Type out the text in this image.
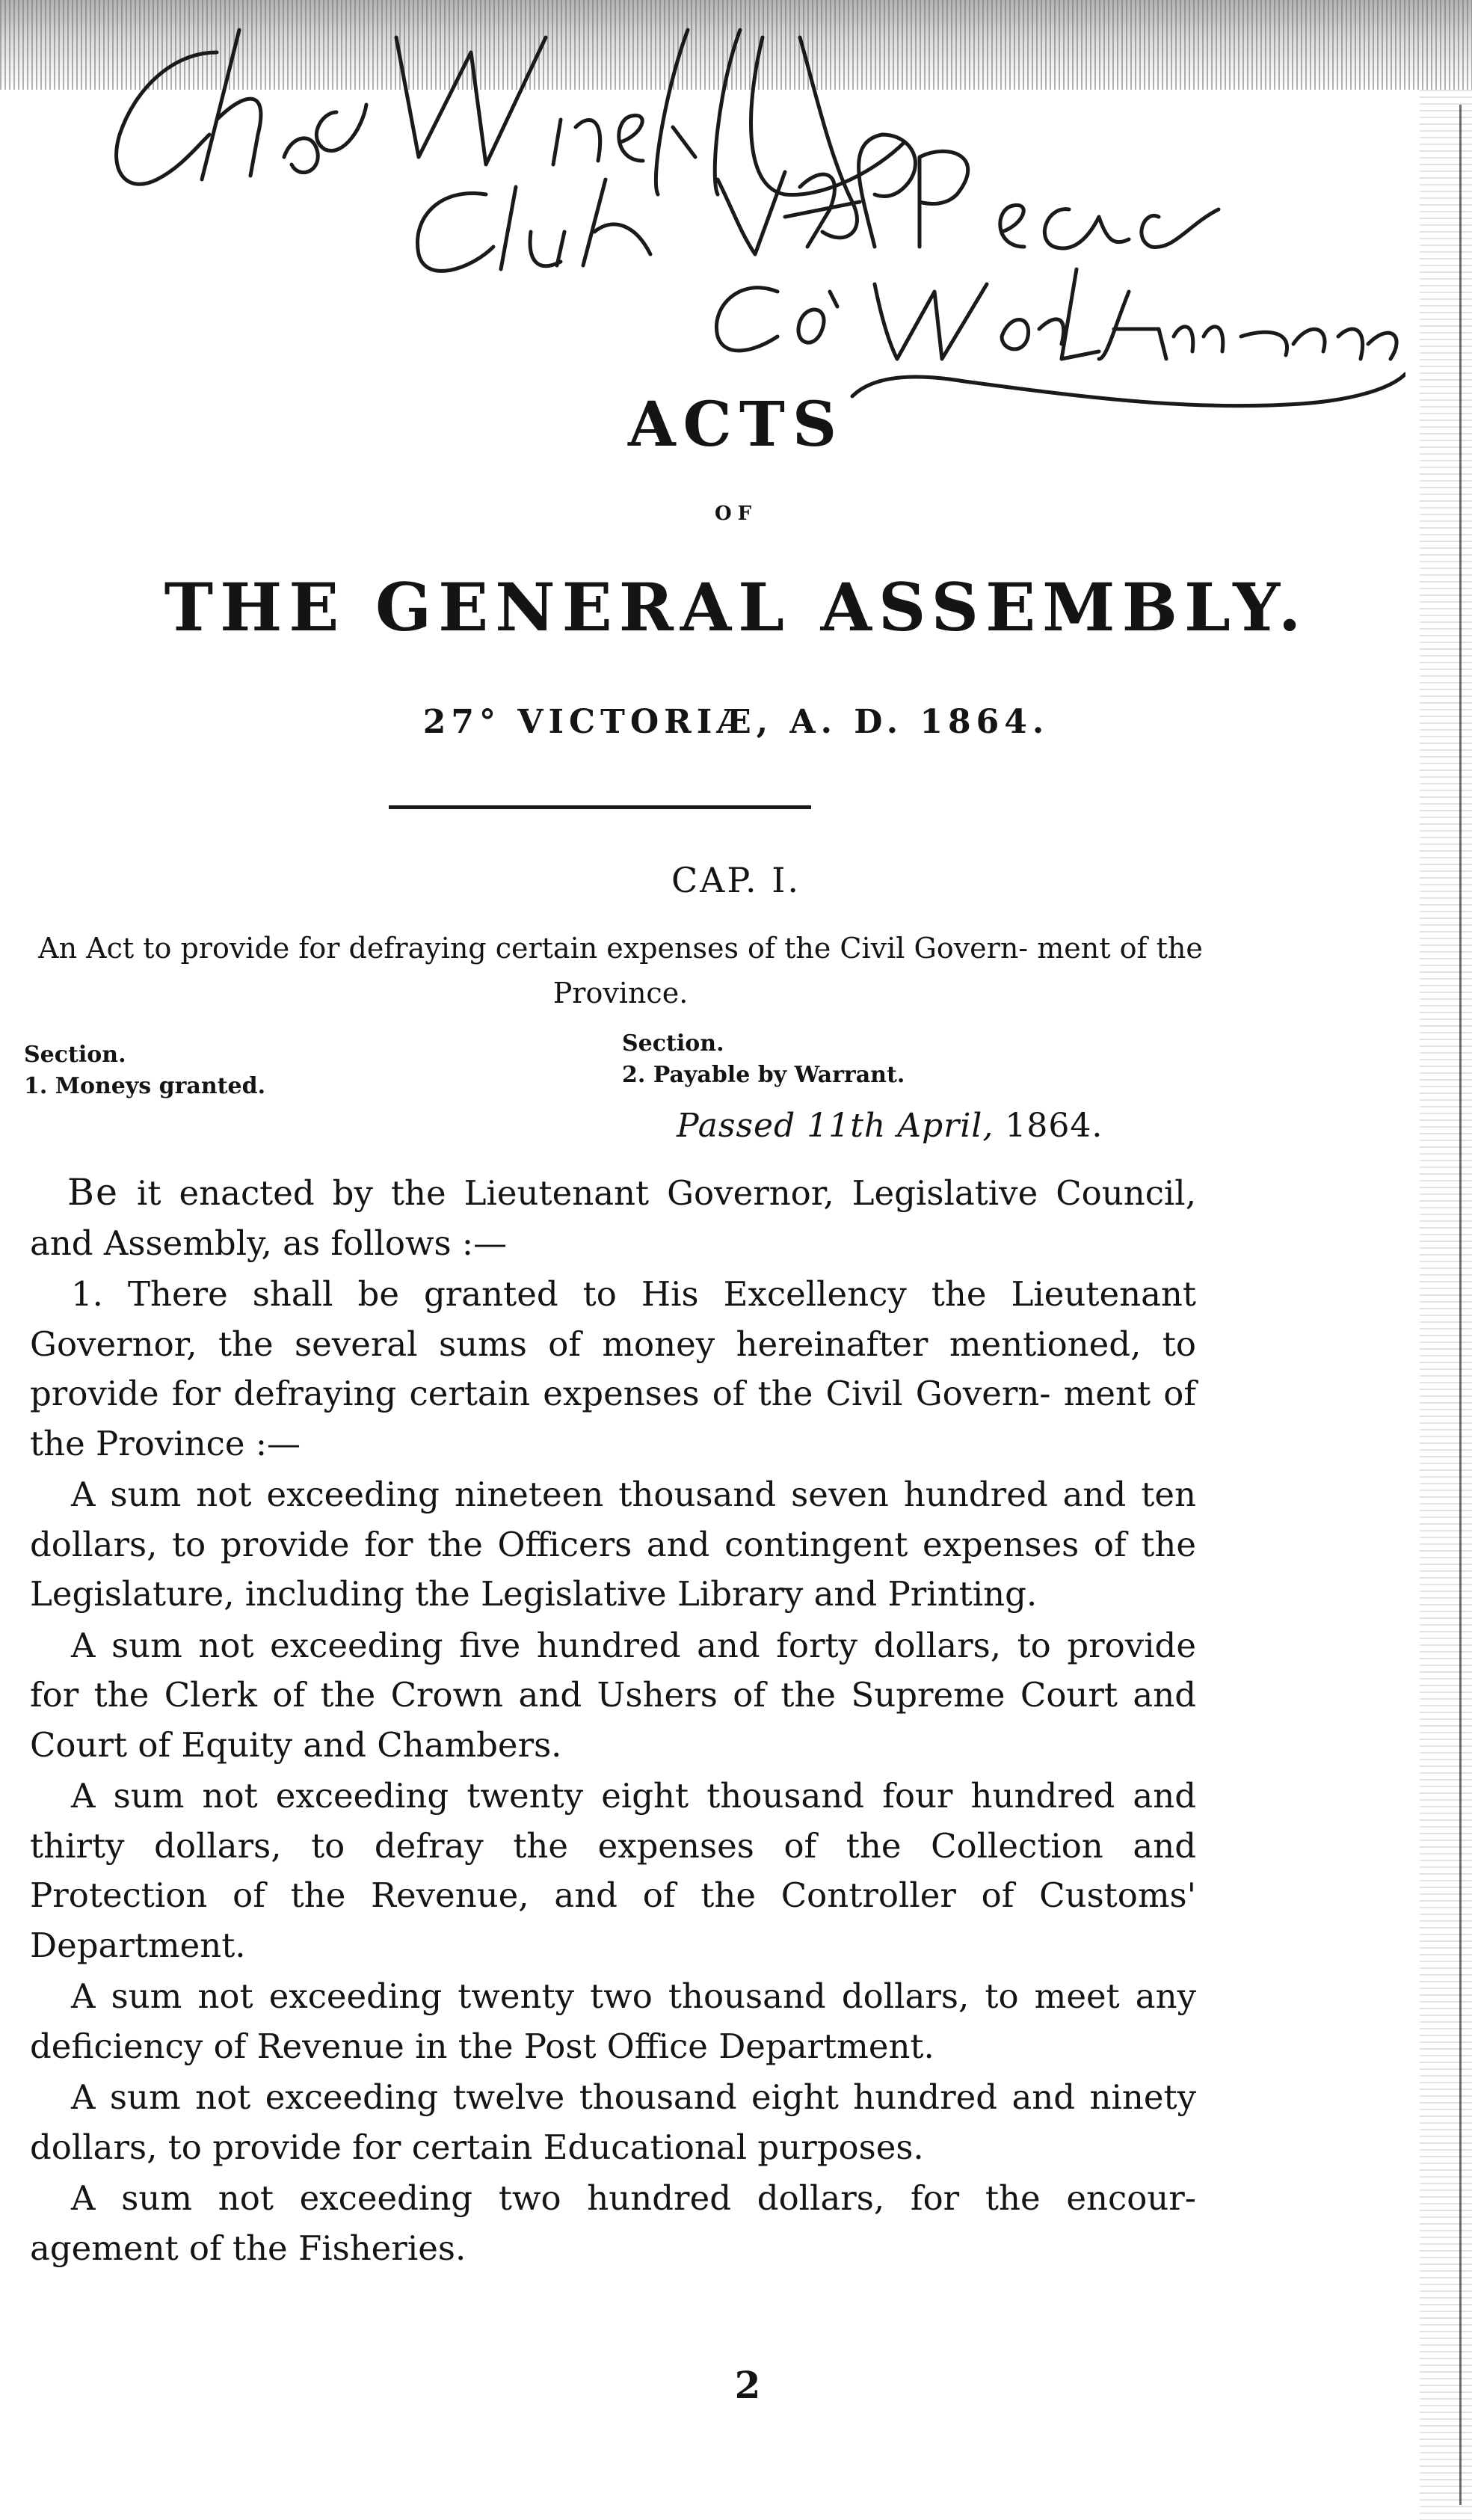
ACTS
OF
THE GENERAL ASSEMBLY.
27° VICTORIÆ, A. D. 1864.
CAP. I.
An Act to provide for defraying certain expenses of the Civil Govern- ment of the Province.
Section.
1. Moneys granted.
Section.
2. Payable by Warrant.
Passed 11th April, 1864.

Be it enacted by the Lieutenant Governor, Legislative Council, and Assembly, as follows :—

1. There shall be granted to His Excellency the Lieutenant Governor, the several sums of money hereinafter mentioned, to provide for defraying certain expenses of the Civil Govern- ment of the Province :—

A sum not exceeding nineteen thousand seven hundred and ten dollars, to provide for the Officers and contingent expenses of the Legislature, including the Legislative Library and Printing.

A sum not exceeding five hundred and forty dollars, to provide for the Clerk of the Crown and Ushers of the Supreme Court and Court of Equity and Chambers.

A sum not exceeding twenty eight thousand four hundred and thirty dollars, to defray the expenses of the Collection and Protection of the Revenue, and of the Controller of Customs' Department.

A sum not exceeding twenty two thousand dollars, to meet any deficiency of Revenue in the Post Office Department.

A sum not exceeding twelve thousand eight hundred and ninety dollars, to provide for certain Educational purposes.

A sum not exceeding two hundred dollars, for the encour- agement of the Fisheries.

2
